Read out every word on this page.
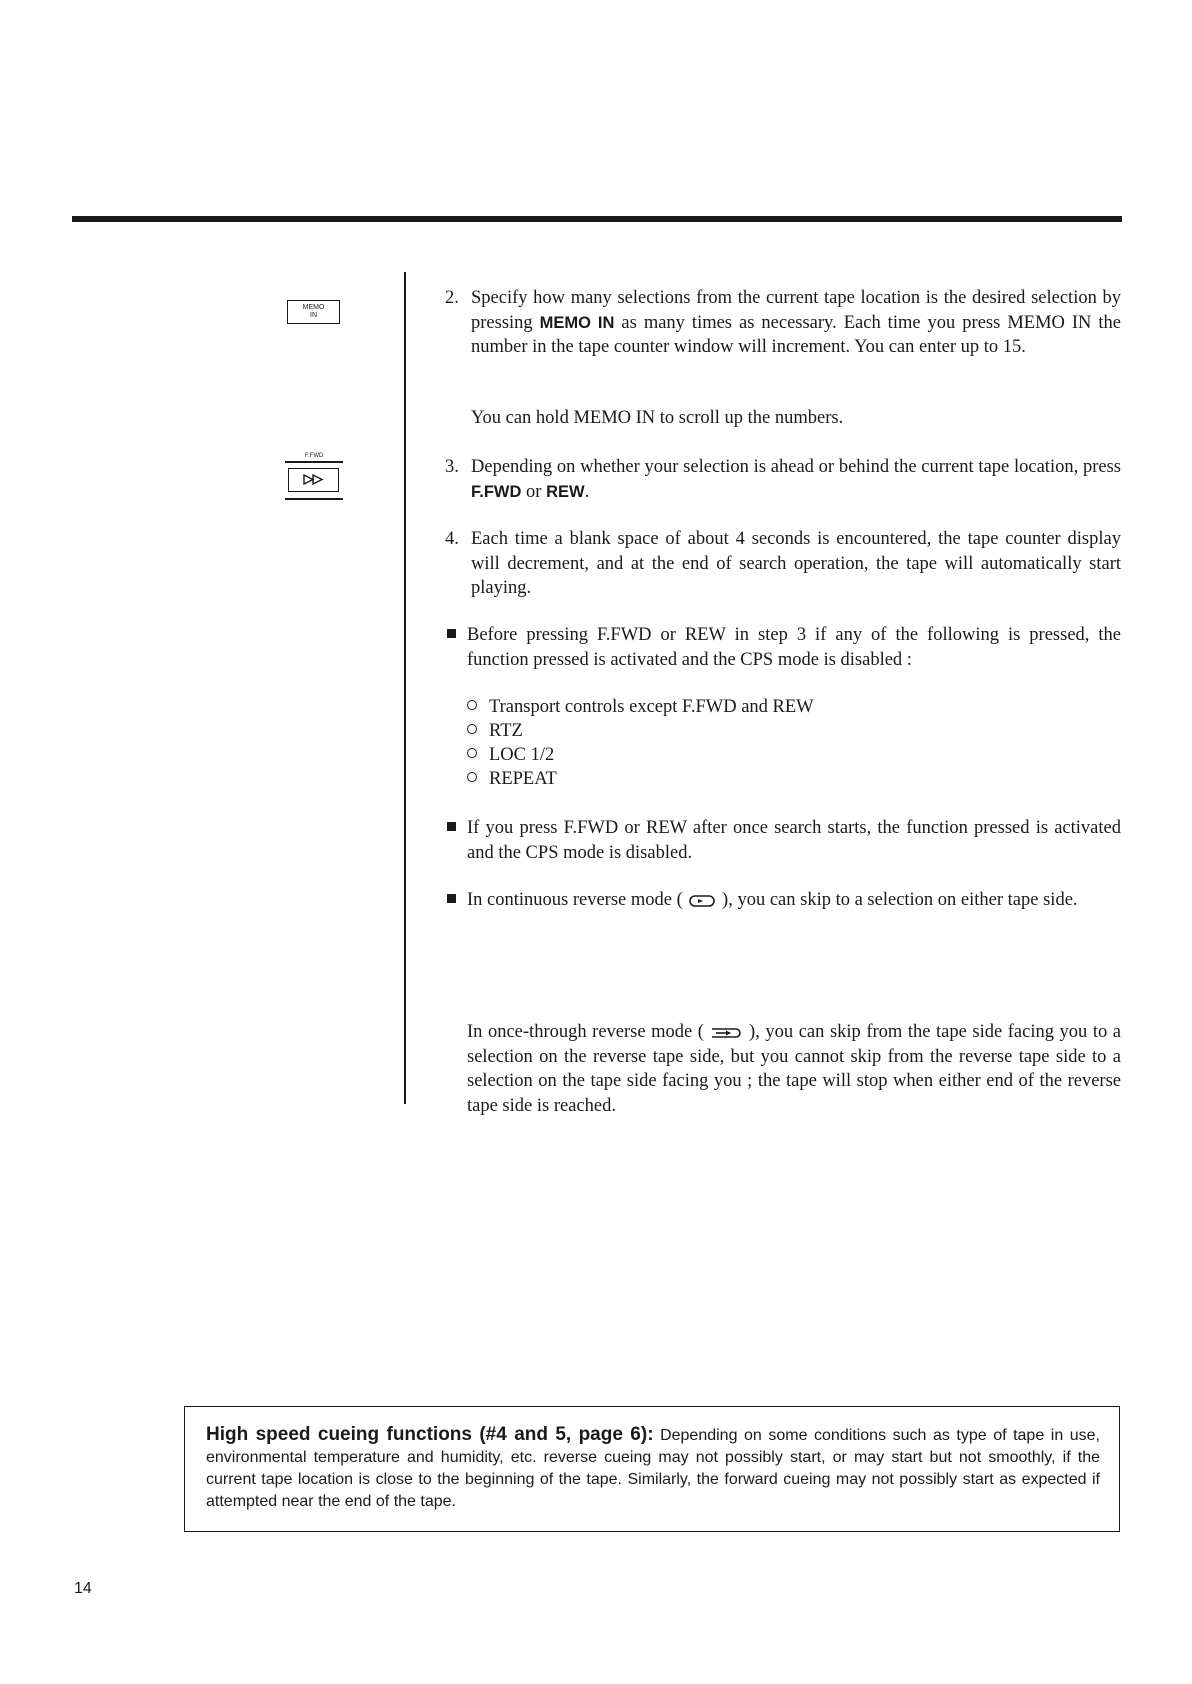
MEMO
IN
F.FWD
2. Specify how many selections from the current tape location is the desired selection by pressing MEMO IN as many times as necessary. Each time you press MEMO IN the number in the tape counter window will increment. You can enter up to 15.
You can hold MEMO IN to scroll up the numbers.
3. Depending on whether your selection is ahead or behind the current tape location, press F.FWD or REW.
4. Each time a blank space of about 4 seconds is encountered, the tape counter display will decrement, and at the end of search operation, the tape will automatically start playing.
Before pressing F.FWD or REW in step 3 if any of the following is pressed, the function pressed is activated and the CPS mode is disabled :
Transport controls except F.FWD and REW
RTZ
LOC 1/2
REPEAT
If you press F.FWD or REW after once search starts, the function pressed is activated and the CPS mode is disabled.
In continuous reverse mode (  ), you can skip to a selection on either tape side.
In once-through reverse mode (  ), you can skip from the tape side facing you to a selection on the reverse tape side, but you cannot skip from the reverse tape side to a selection on the tape side facing you ; the tape will stop when either end of the reverse tape side is reached.
High speed cueing functions (#4 and 5, page 6): Depending on some conditions such as type of tape in use, environmental temperature and humidity, etc. reverse cueing may not possibly start, or may start but not smoothly, if the current tape location is close to the beginning of the tape. Similarly, the forward cueing may not possibly start as expected if attempted near the end of the tape.
14
